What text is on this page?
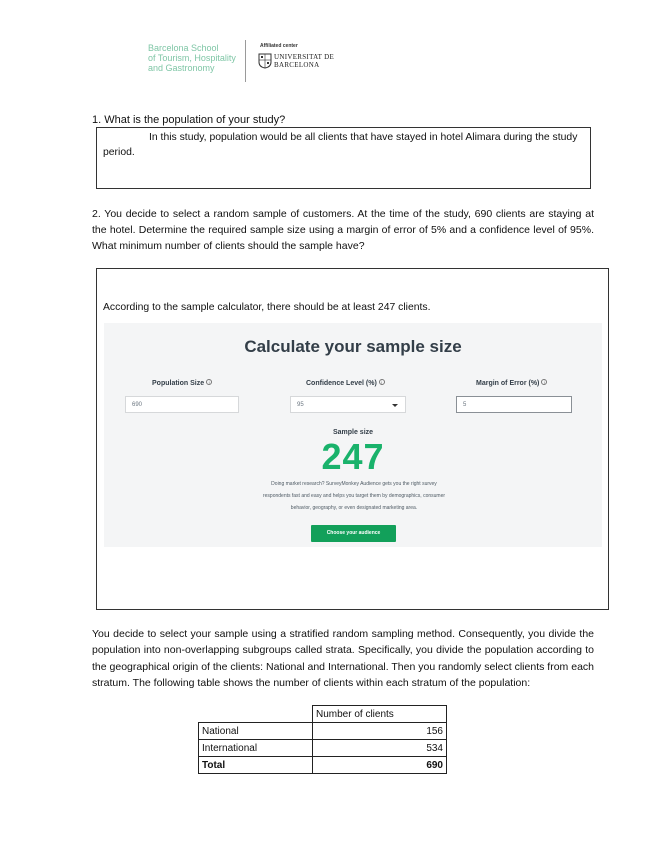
Barcelona School
of Tourism, Hospitality
and Gastronomy
Affiliated center
UNIVERSITAT DE
BARCELONA
1. What is the population of your study?
In this study, population would be all clients that have stayed in hotel Alimara during the study period.
2. You decide to select a random sample of customers. At the time of the study, 690 clients are staying at the hotel. Determine the required sample size using a margin of error of 5% and a confidence level of 95%. What minimum number of clients should the sample have?
According to the sample calculator, there should be at least 247 clients.
Calculate your sample size
Population Size i	Confidence Level (%) i	Margin of Error (%) i
690	95	5
Sample size
247
Doing market research? SurveyMonkey Audience gets you the right survey
respondents fast and easy and helps you target them by demographics, consumer
behavior, geography, or even designated marketing area.
Choose your audience
You decide to select your sample using a stratified random sampling method. Consequently, you divide the population into non-overlapping subgroups called strata. Specifically, you divide the population according to the geographical origin of the clients: National and International. Then you randomly select clients from each stratum. The following table shows the number of clients within each stratum of the population:
	Number of clients
National	156
International	534
Total	690
